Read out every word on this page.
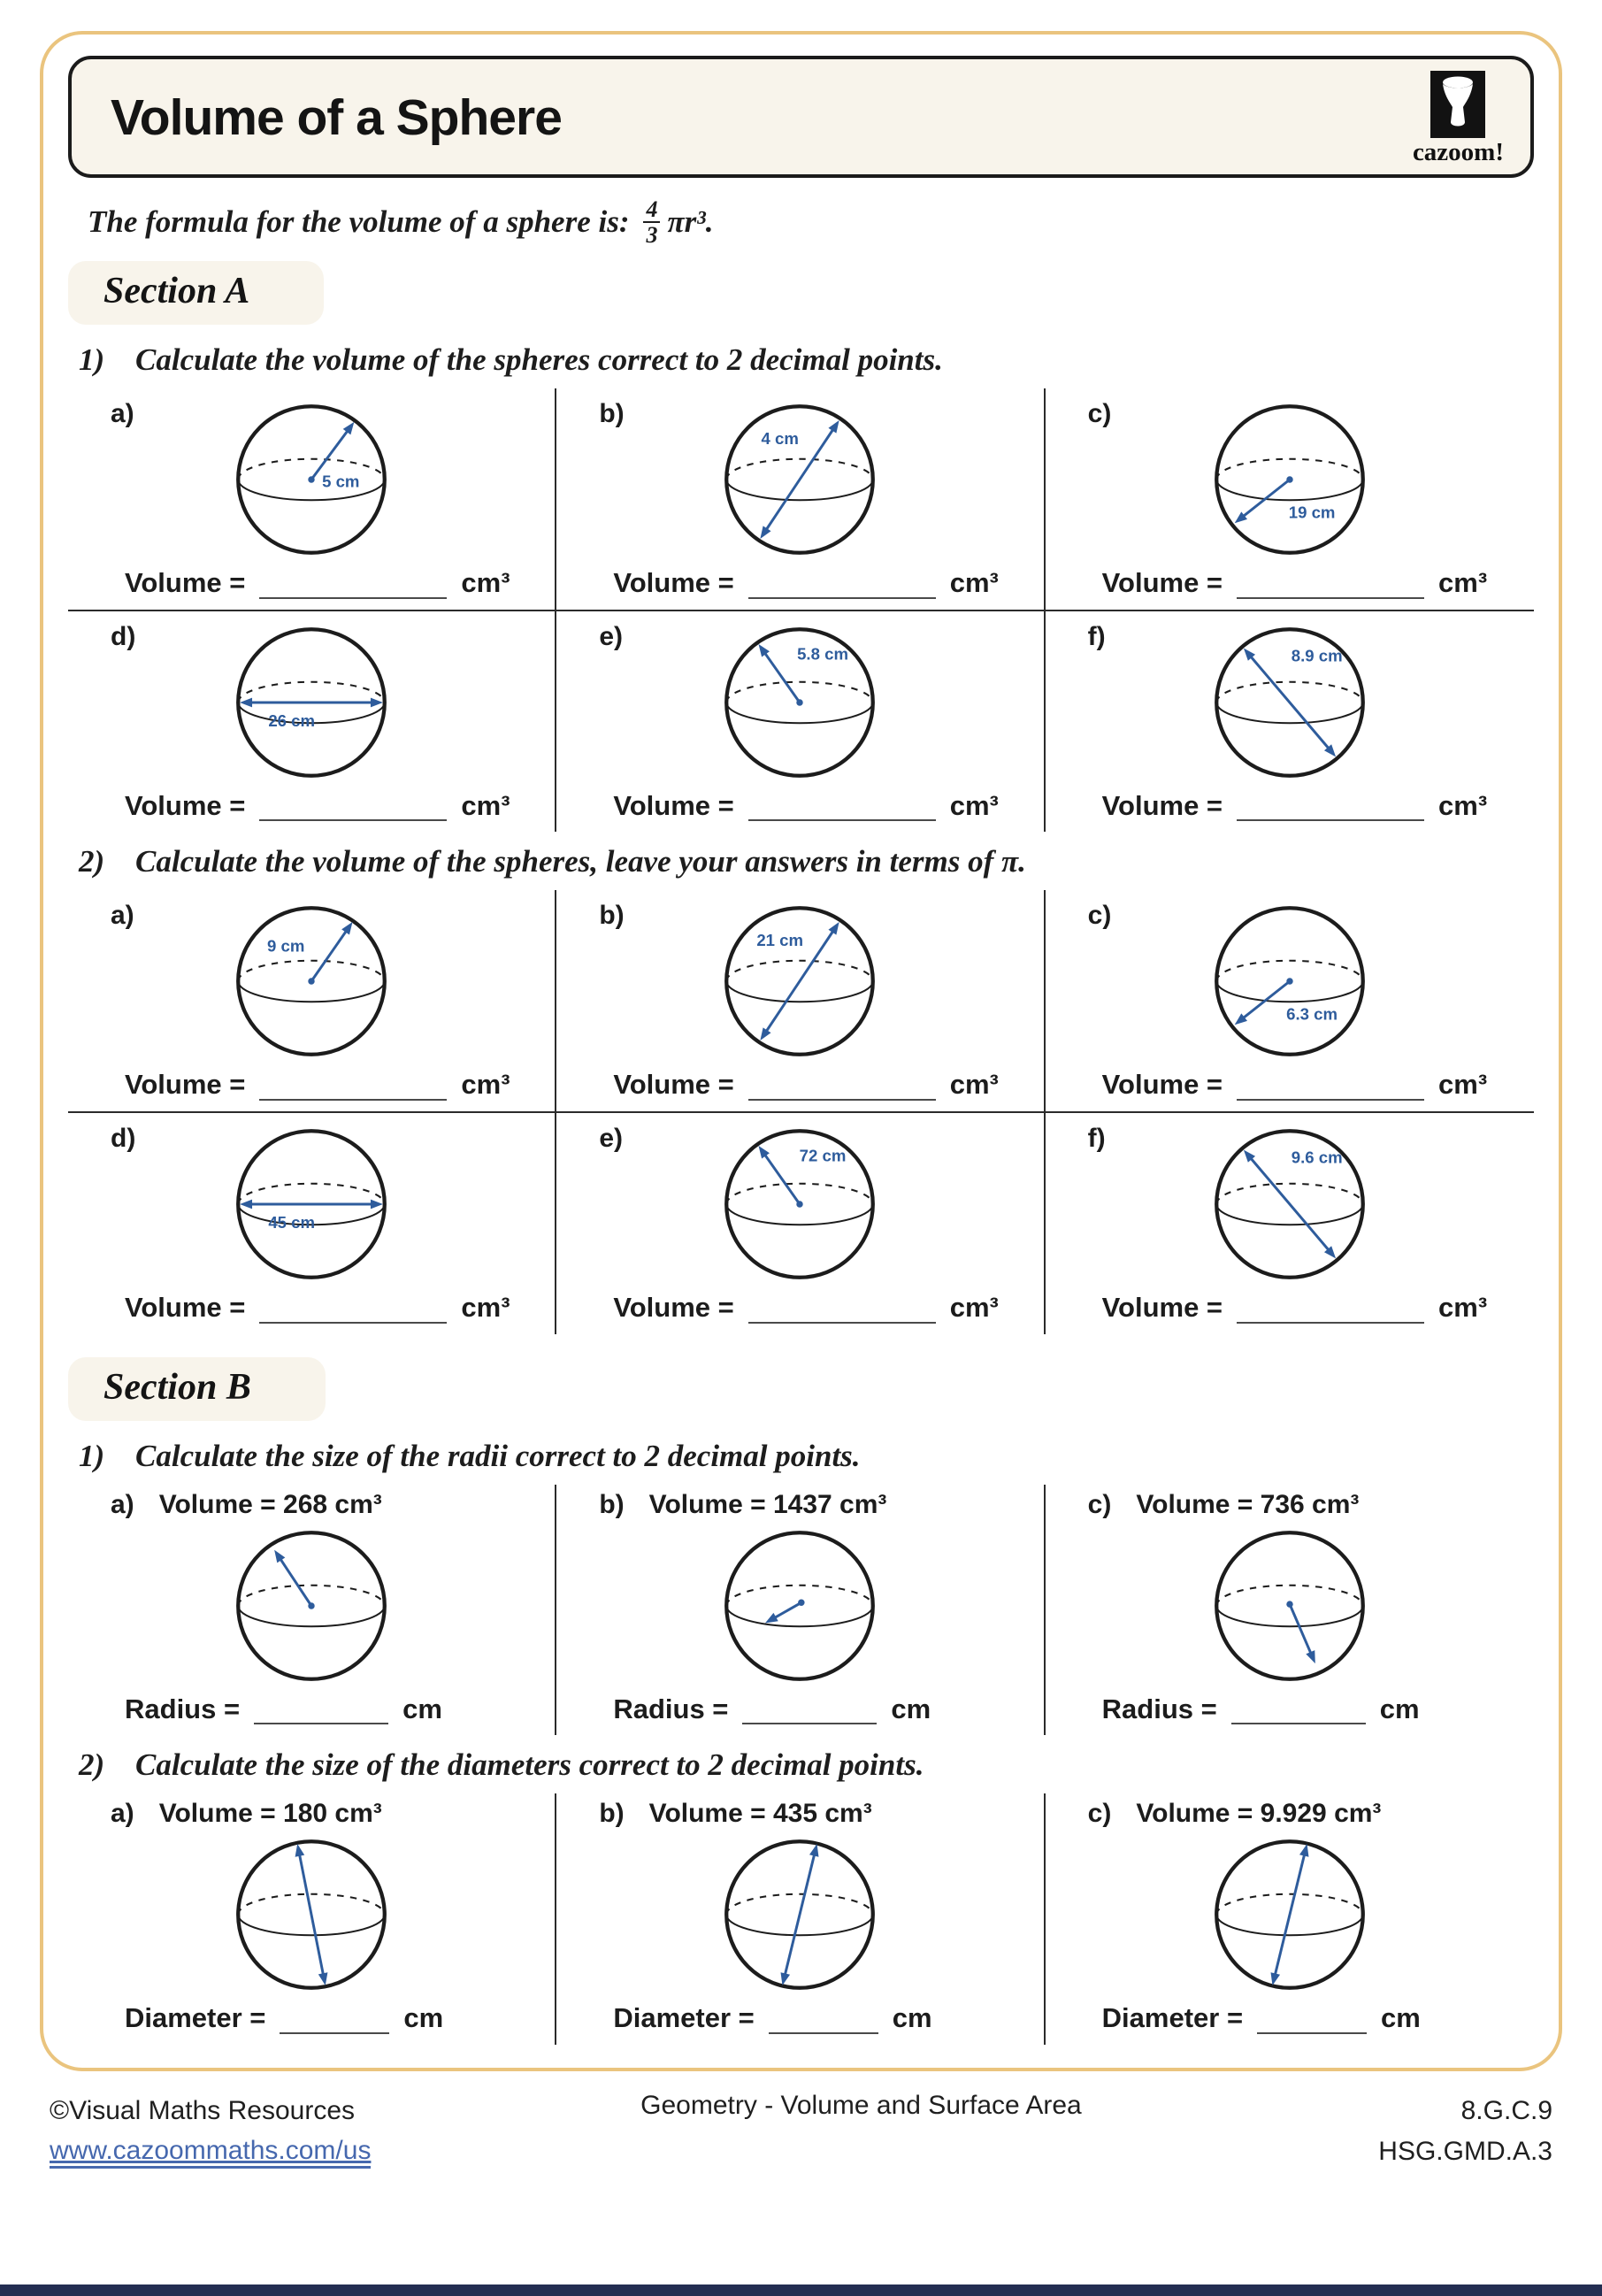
Volume of a Sphere
cazoom!
The formula for the volume of a sphere is: $\frac{4}{3} \pi r^3$.
Section A
1) Calculate the volume of the spheres correct to 2 decimal points.
a)
5 cm
Volume =	cm³
b)
4 cm
Volume =	cm³
c)
19 cm
Volume =	cm³
d)
26 cm
Volume =	cm³
e)
5.8 cm
Volume =	cm³
f)
8.9 cm
Volume =	cm³
2) Calculate the volume of the spheres, leave your answers in terms of π.
a)
9 cm
Volume =	cm³
b)
21 cm
Volume =	cm³
c)
6.3 cm
Volume =	cm³
d)
45 cm
Volume =	cm³
e)
72 cm
Volume =	cm³
f)
9.6 cm
Volume =	cm³
Section B
1) Calculate the size of the radii correct to 2 decimal points.
a) Volume = 268 cm³
Radius =	cm
b) Volume = 1437 cm³
Radius =	cm
c) Volume = 736 cm³
Radius =	cm
2) Calculate the size of the diameters correct to 2 decimal points.
a) Volume = 180 cm³
Diameter =	cm
b) Volume = 435 cm³
Diameter =	cm
c) Volume = 9.929 cm³
Diameter =	cm
©Visual Maths Resources
www.cazoommaths.com/us
Geometry - Volume and Surface Area	8.G.C.9
HSG.GMD.A.3
